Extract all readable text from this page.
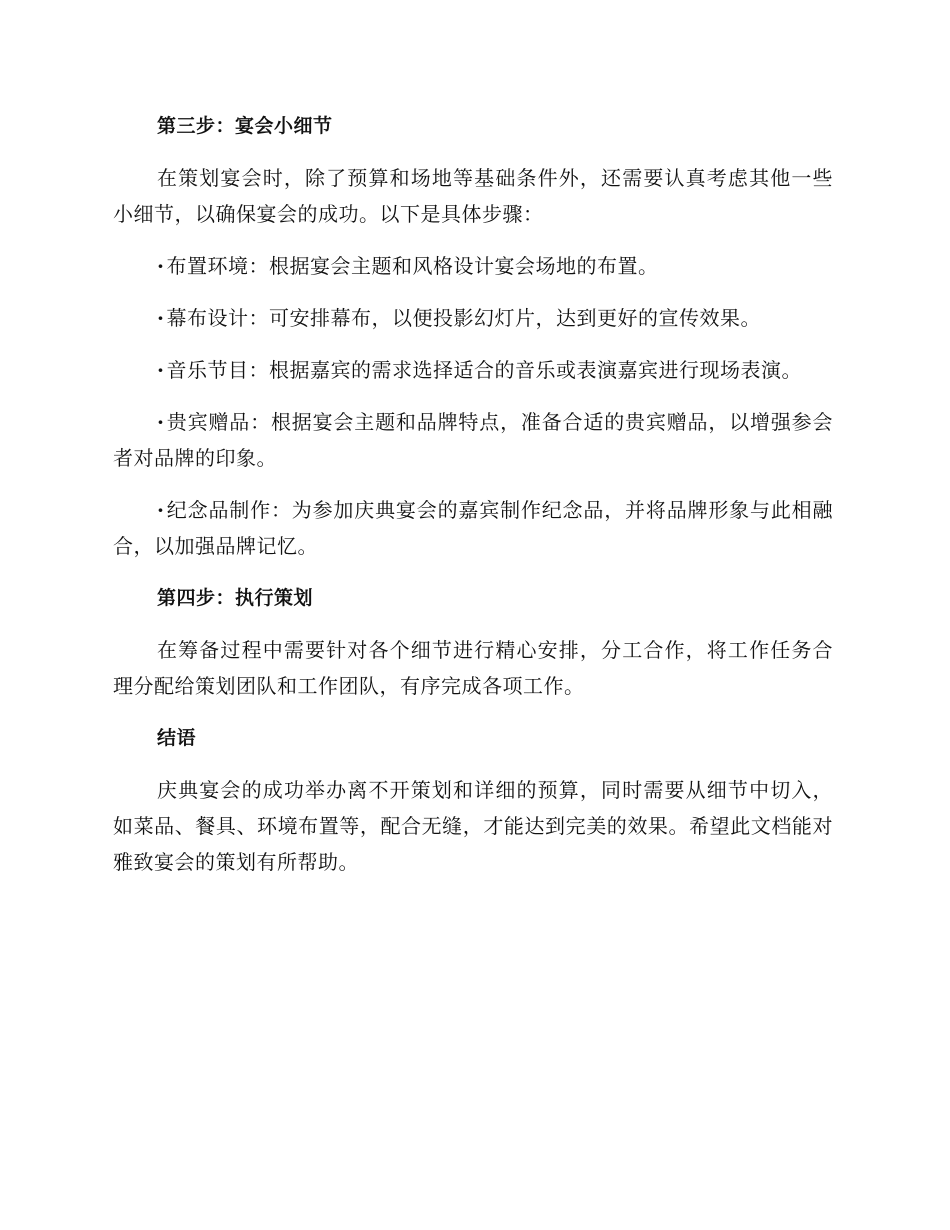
第三步：宴会小细节

在策划宴会时，除了预算和场地等基础条件外，还需要认真考虑其他一些小细节，以确保宴会的成功。以下是具体步骤：

· 布置环境：根据宴会主题和风格设计宴会场地的布置。

· 幕布设计：可安排幕布，以便投影幻灯片，达到更好的宣传效果。

· 音乐节目：根据嘉宾的需求选择适合的音乐或表演嘉宾进行现场表演。

· 贵宾赠品：根据宴会主题和品牌特点，准备合适的贵宾赠品，以增强参会者对品牌的印象。

· 纪念品制作：为参加庆典宴会的嘉宾制作纪念品，并将品牌形象与此相融合，以加强品牌记忆。

第四步：执行策划

在筹备过程中需要针对各个细节进行精心安排，分工合作，将工作任务合理分配给策划团队和工作团队，有序完成各项工作。

结语

庆典宴会的成功举办离不开策划和详细的预算，同时需要从细节中切入，如菜品、餐具、环境布置等，配合无缝，才能达到完美的效果。希望此文档能对雅致宴会的策划有所帮助。
